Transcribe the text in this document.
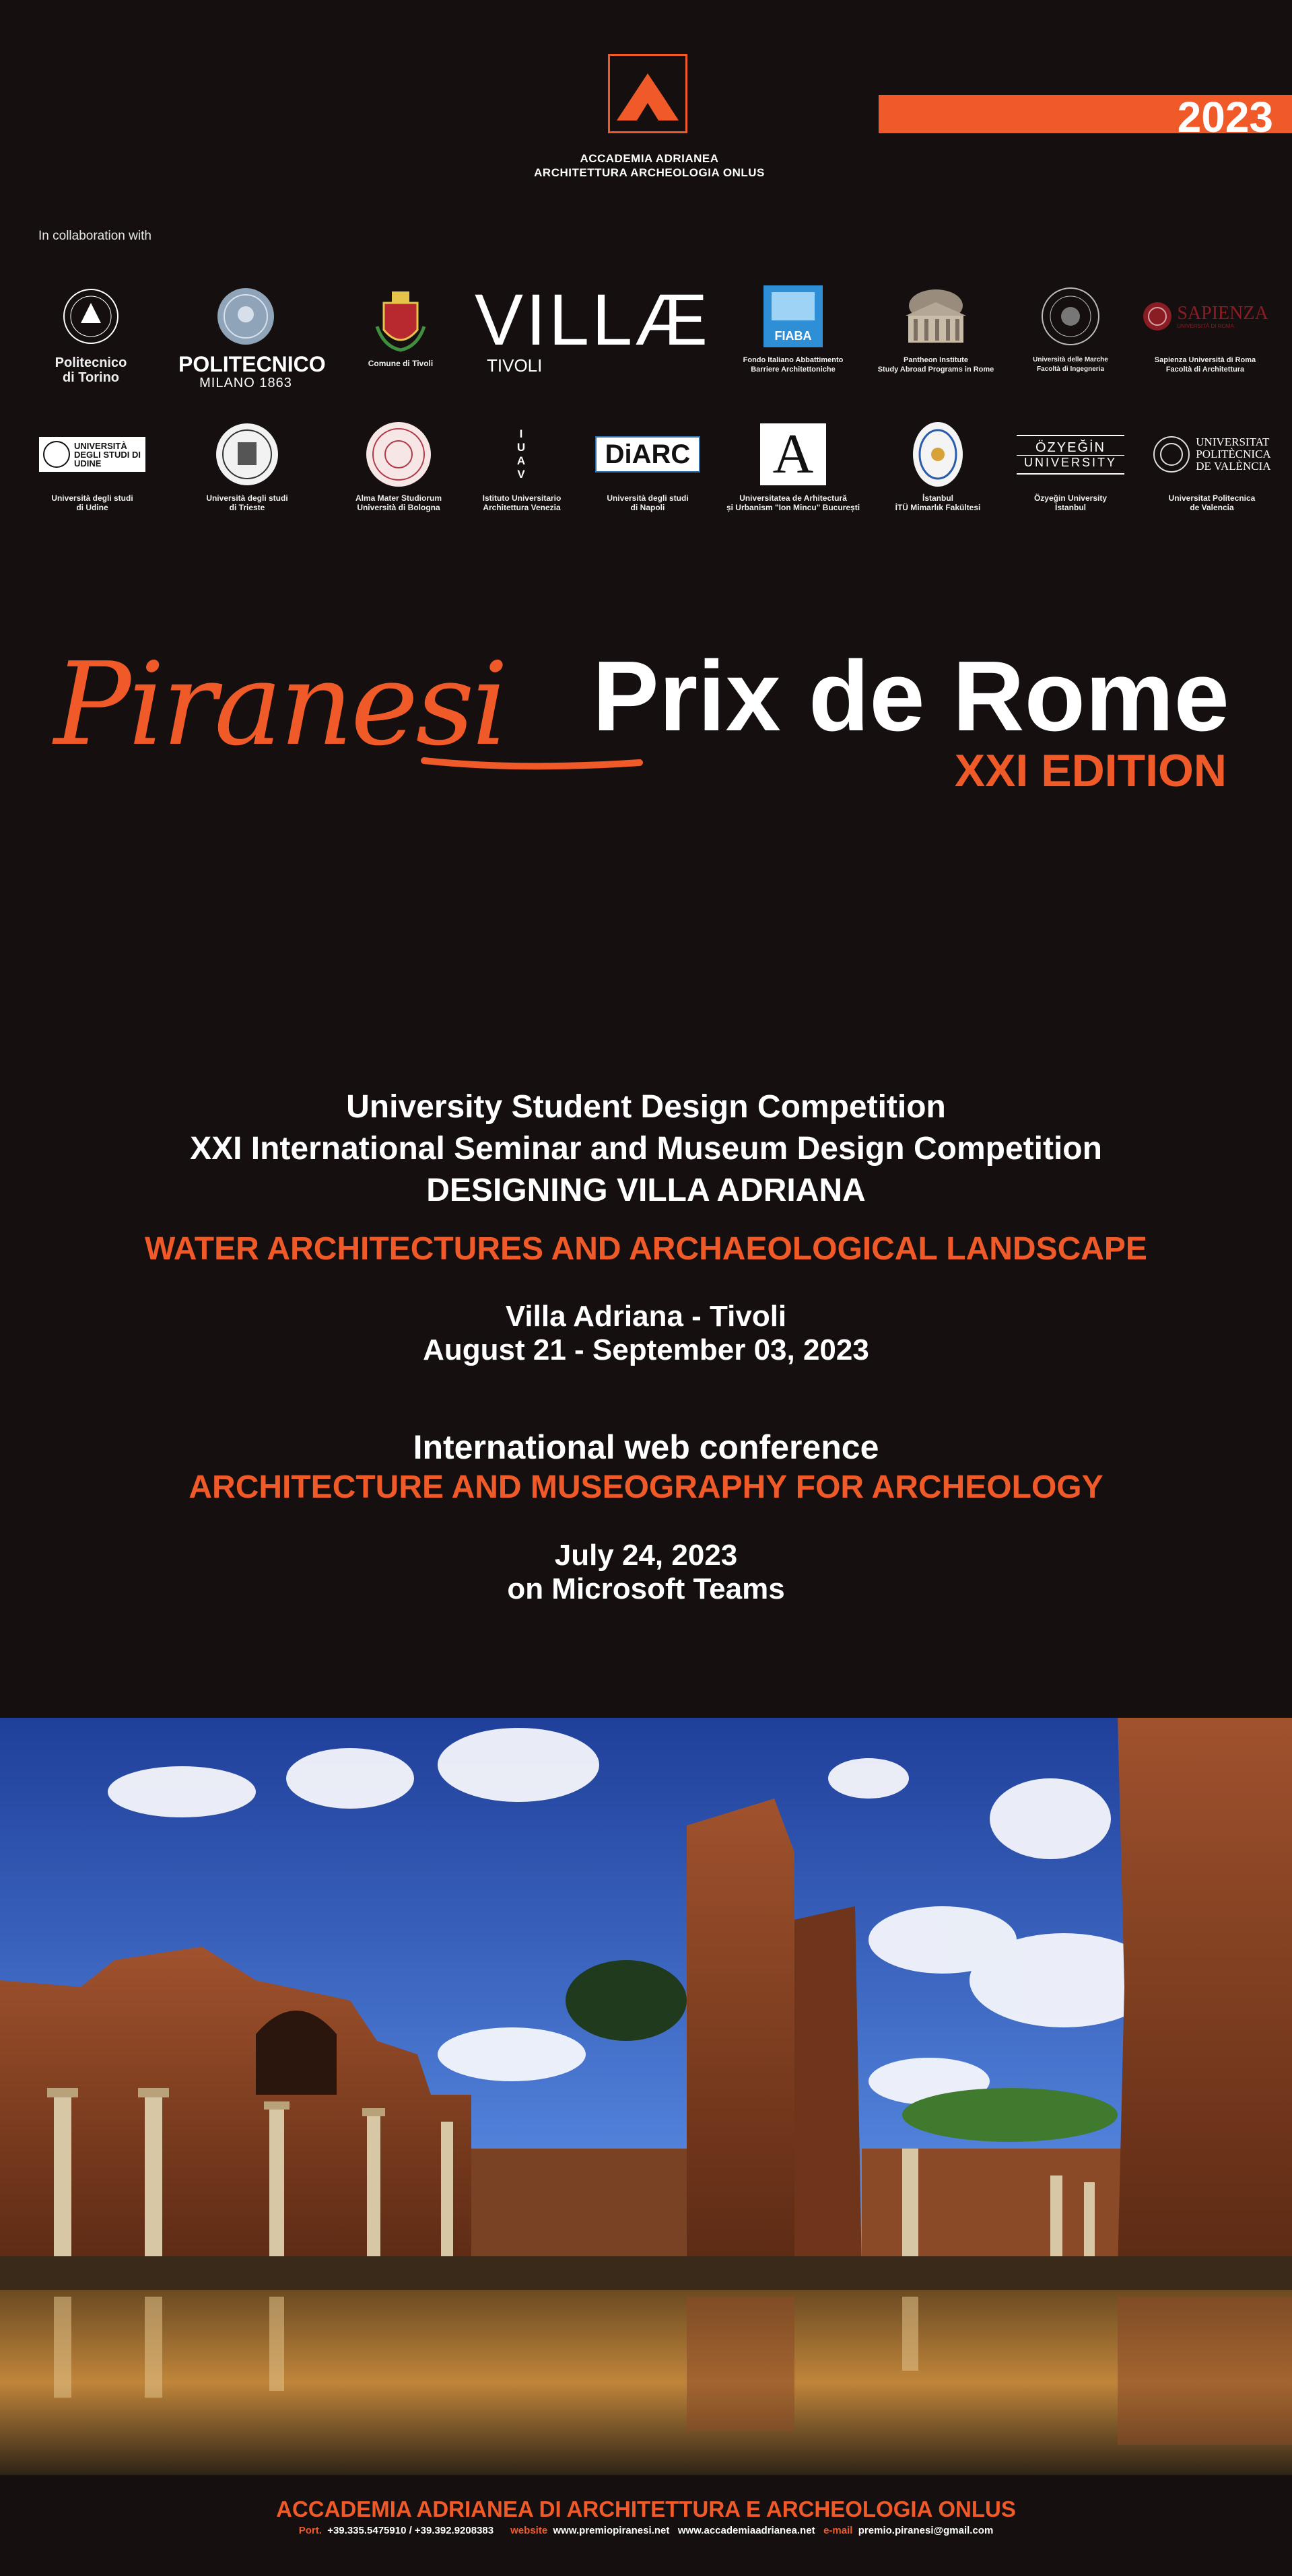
ACCADEMIA ADRIANEA
ARCHITETTURA ARCHEOLOGIA ONLUS
2023
In collaboration with
Politecnico
di Torino
POLITECNICO
MILANO 1863
Comune di Tivoli
VILLÆ
TIVOLI
FIABA
Fondo Italiano Abbattimento
Barriere Architettoniche
Pantheon Institute
Study Abroad Programs in Rome
Università delle Marche
Facoltà di Ingegneria
SAPIENZA
UNIVERSITÀ DI ROMA
Sapienza Università di Roma
Facoltà di Architettura
UNIVERSITÀ DEGLI STUDI DI UDINE
Università degli studi
di Udine
Università degli studi
di Trieste
Alma Mater Studiorum
Università di Bologna
I
U
A
V
Istituto Universitario
Architettura Venezia
DiARC
Università degli studi
di Napoli
A
Universitatea de Arhitectură
și Urbanism "Ion Mincu" București
İstanbul
İTÜ Mimarlık Fakültesi
ÖZYEĞİN
UNIVERSITY
Özyeğin University
İstanbul
UNIVERSITAT
POLITÈCNICA
DE VALÈNCIA
Universitat Politecnica
de Valencia
Piranesi Prix de Rome
XXI EDITION
University Student Design Competition
XXI International Seminar and Museum Design Competition
DESIGNING VILLA ADRIANA
WATER ARCHITECTURES AND ARCHAEOLOGICAL LANDSCAPE
Villa Adriana - Tivoli
August 21 - September 03, 2023
International web conference
ARCHITECTURE AND MUSEOGRAPHY FOR ARCHEOLOGY
July 24, 2023
on Microsoft Teams
ACCADEMIA ADRIANEA DI ARCHITETTURA E ARCHEOLOGIA ONLUS
Port. +39.335.5475910 / +39.392.9208383 website www.premiopiranesi.net www.accademiaadrianea.net e-mail premio.piranesi@gmail.com
